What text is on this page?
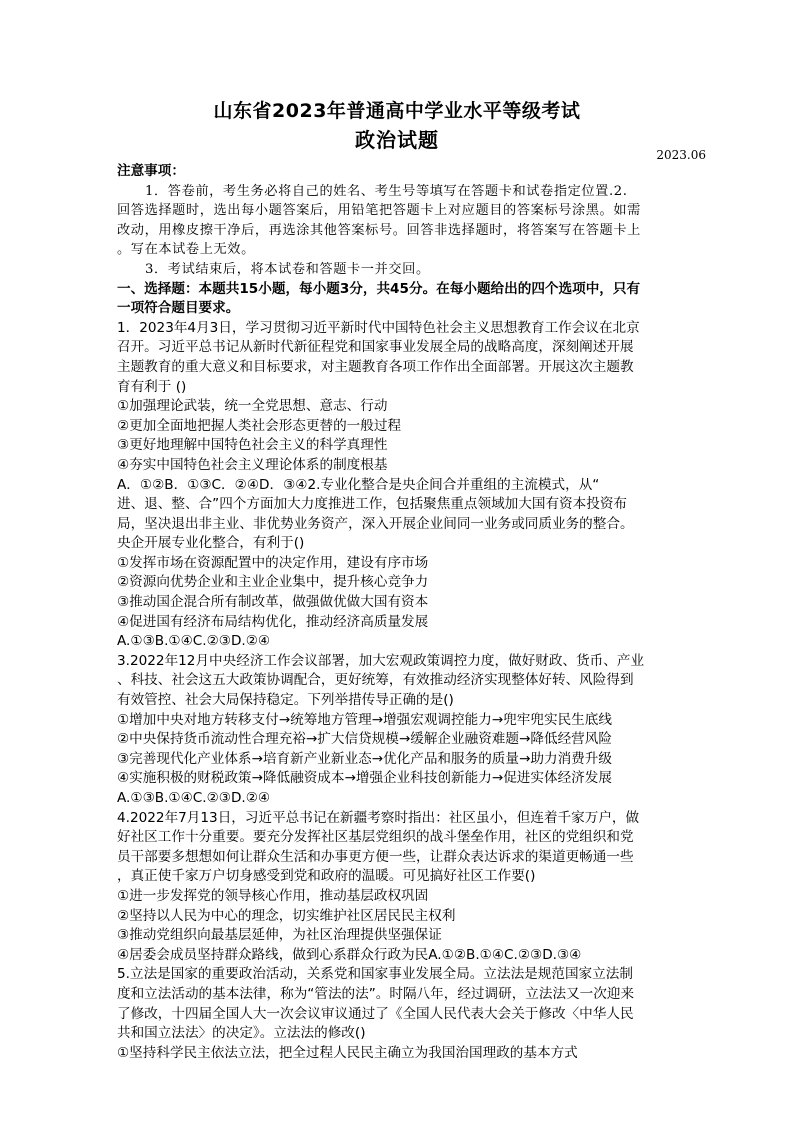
山东省2023年普通高中学业水平等级考试
政治试题
2023.06
注意事项：
1．答卷前，考生务必将自己的姓名、考生号等填写在答题卡和试卷指定位置.2.
回答选择题时，选出每小题答案后，用铅笔把答题卡上对应题目的答案标号涂黑。如需
改动，用橡皮擦干净后，再选涂其他答案标号。回答非选择题时，将答案写在答题卡上
。写在本试卷上无效。
3．考试结束后，将本试卷和答题卡一并交回。
一、选择题：本题共15小题，每小题3分，共45分。在每小题给出的四个选项中，只有
一项符合题目要求。
1．2023年4月3日，学习贯彻习近平新时代中国特色社会主义思想教育工作会议在北京
召开。习近平总书记从新时代新征程党和国家事业发展全局的战略高度，深刻阐述开展
主题教育的重大意义和目标要求，对主题教育各项工作作出全面部署。开展这次主题教
育有利于 ()
①加强理论武装，统一全党思想、意志、行动
②更加全面地把握人类社会形态更替的一般过程
③更好地理解中国特色社会主义的科学真理性
④夯实中国特色社会主义理论体系的制度根基
A．①②B．①③C．②④D．③④2.专业化整合是央企间合并重组的主流模式，从“
进、退、整、合”四个方面加大力度推进工作，包括聚焦重点领域加大国有资本投资布
局，坚决退出非主业、非优势业务资产，深入开展企业间同一业务或同质业务的整合。
央企开展专业化整合，有利于()
①发挥市场在资源配置中的决定作用，建设有序市场
②资源向优势企业和主业企业集中，提升核心竞争力
③推动国企混合所有制改革，做强做优做大国有资本
④促进国有经济布局结构优化，推动经济高质量发展
A.①③B.①④C.②③D.②④
3.2022年12月中央经济工作会议部署，加大宏观政策调控力度，做好财政、货币、产业
、科技、社会这五大政策协调配合，更好统筹，有效推动经济实现整体好转、风险得到
有效管控、社会大局保持稳定。下列举措传导正确的是()
①增加中央对地方转移支付→统筹地方管理→增强宏观调控能力→兜牢兜实民生底线
②中央保持货币流动性合理充裕→扩大信贷规模→缓解企业融资难题→降低经营风险
③完善现代化产业体系→培育新产业新业态→优化产品和服务的质量→助力消费升级
④实施积极的财税政策→降低融资成本→增强企业科技创新能力→促进实体经济发展
A.①③B.①④C.②③D.②④
4.2022年7月13日，习近平总书记在新疆考察时指出：社区虽小，但连着千家万户，做
好社区工作十分重要。要充分发挥社区基层党组织的战斗堡垒作用，社区的党组织和党
员干部要多想想如何让群众生活和办事更方便一些，让群众表达诉求的渠道更畅通一些
，真正使千家万户切身感受到党和政府的温暖。可见搞好社区工作要()
①进一步发挥党的领导核心作用，推动基层政权巩固
②坚持以人民为中心的理念，切实维护社区居民民主权利
③推动党组织向最基层延伸，为社区治理提供坚强保证
④居委会成员坚持群众路线，做到心系群众行政为民A.①②B.①④C.②③D.③④
5.立法是国家的重要政治活动，关系党和国家事业发展全局。立法法是规范国家立法制
度和立法活动的基本法律，称为“管法的法”。时隔八年，经过调研，立法法又一次迎来
了修改，十四届全国人大一次会议审议通过了《全国人民代表大会关于修改〈中华人民
共和国立法法〉的决定》。立法法的修改()
①坚持科学民主依法立法，把全过程人民民主确立为我国治国理政的基本方式
